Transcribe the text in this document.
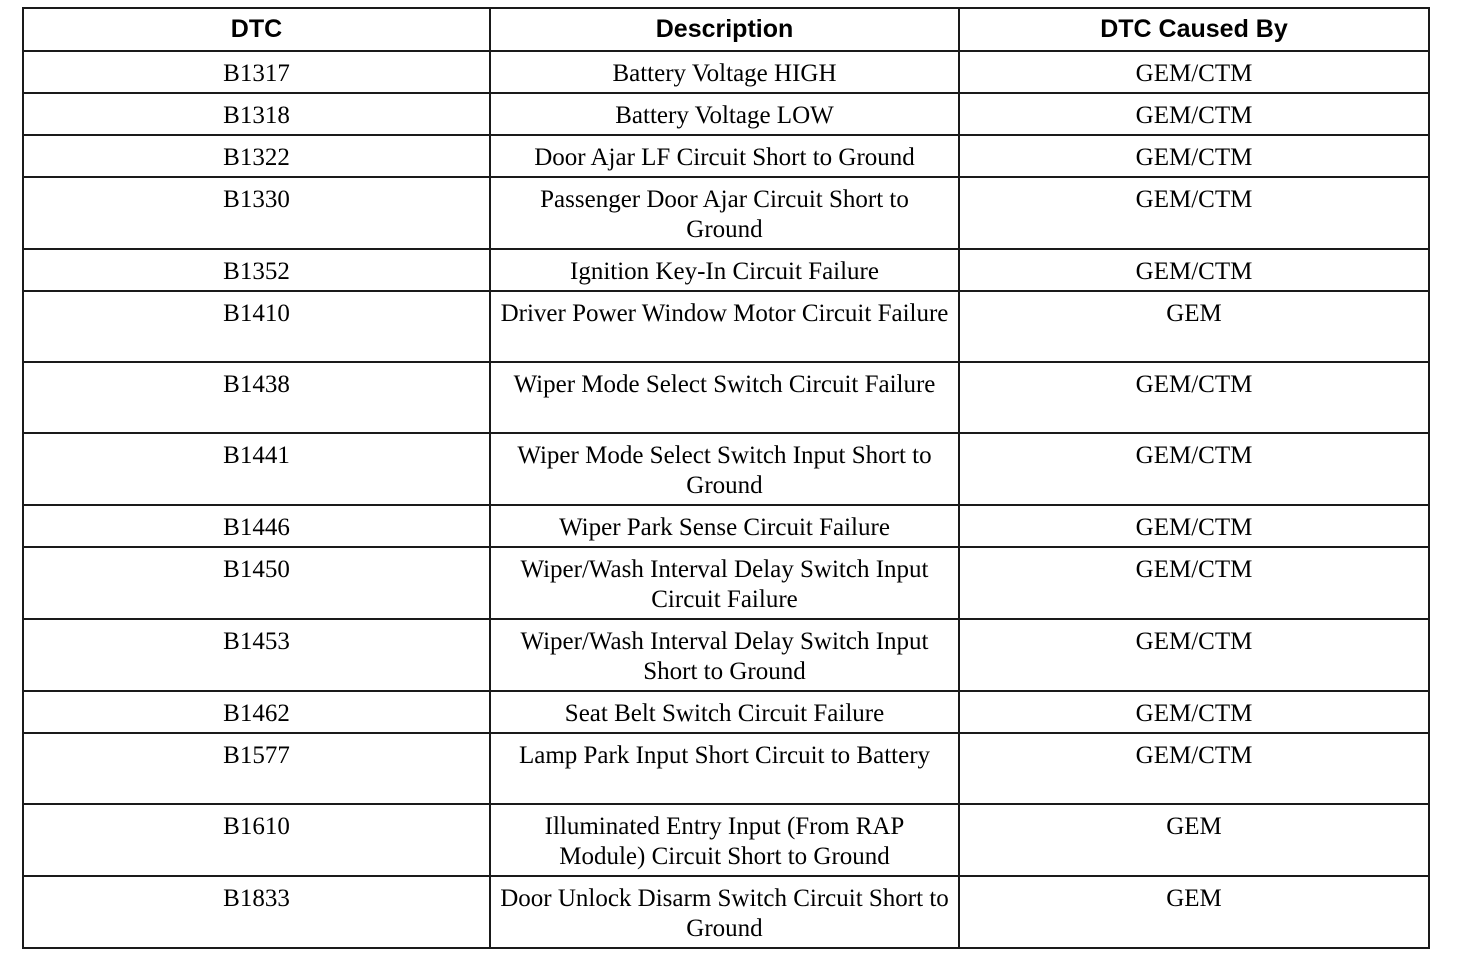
DTC	Description	DTC Caused By
B1317	Battery Voltage HIGH	GEM/CTM
B1318	Battery Voltage LOW	GEM/CTM
B1322	Door Ajar LF Circuit Short to Ground	GEM/CTM
B1330	Passenger Door Ajar Circuit Short to Ground	GEM/CTM
B1352	Ignition Key-In Circuit Failure	GEM/CTM
B1410	Driver Power Window Motor Circuit Failure	GEM
B1438	Wiper Mode Select Switch Circuit Failure	GEM/CTM
B1441	Wiper Mode Select Switch Input Short to Ground	GEM/CTM
B1446	Wiper Park Sense Circuit Failure	GEM/CTM
B1450	Wiper/Wash Interval Delay Switch Input Circuit Failure	GEM/CTM
B1453	Wiper/Wash Interval Delay Switch Input Short to Ground	GEM/CTM
B1462	Seat Belt Switch Circuit Failure	GEM/CTM
B1577	Lamp Park Input Short Circuit to Battery	GEM/CTM
B1610	Illuminated Entry Input (From RAP Module) Circuit Short to Ground	GEM
B1833	Door Unlock Disarm Switch Circuit Short to Ground	GEM
